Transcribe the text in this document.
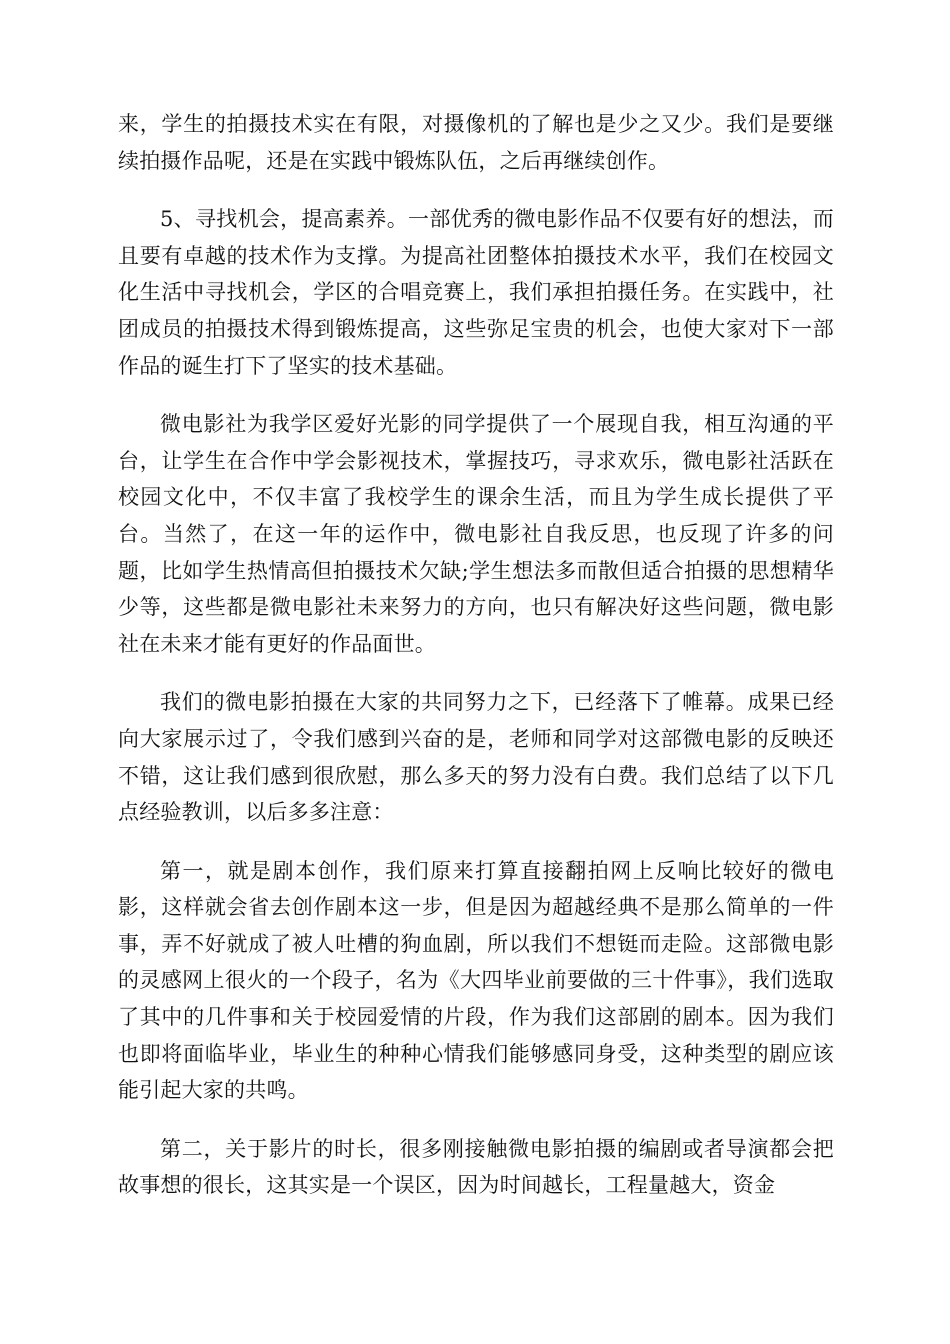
来，学生的拍摄技术实在有限，对摄像机的了解也是少之又少。我们是要继续拍摄作品呢，还是在实践中锻炼队伍，之后再继续创作。

5、寻找机会，提高素养。一部优秀的微电影作品不仅要有好的想法，而且要有卓越的技术作为支撑。为提高社团整体拍摄技术水平，我们在校园文化生活中寻找机会，学区的合唱竞赛上，我们承担拍摄任务。在实践中，社团成员的拍摄技术得到锻炼提高，这些弥足宝贵的机会，也使大家对下一部作品的诞生打下了坚实的技术基础。

微电影社为我学区爱好光影的同学提供了一个展现自我，相互沟通的平台，让学生在合作中学会影视技术，掌握技巧，寻求欢乐，微电影社活跃在校园文化中，不仅丰富了我校学生的课余生活，而且为学生成长提供了平台。当然了，在这一年的运作中，微电影社自我反思，也反现了许多的问题，比如学生热情高但拍摄技术欠缺;学生想法多而散但适合拍摄的思想精华少等，这些都是微电影社未来努力的方向，也只有解决好这些问题，微电影社在未来才能有更好的作品面世。

我们的微电影拍摄在大家的共同努力之下，已经落下了帷幕。成果已经向大家展示过了，令我们感到兴奋的是，老师和同学对这部微电影的反映还不错，这让我们感到很欣慰，那么多天的努力没有白费。我们总结了以下几点经验教训，以后多多注意：

第一，就是剧本创作，我们原来打算直接翻拍网上反响比较好的微电影，这样就会省去创作剧本这一步，但是因为超越经典不是那么简单的一件事，弄不好就成了被人吐槽的狗血剧，所以我们不想铤而走险。这部微电影的灵感网上很火的一个段子，名为《大四毕业前要做的三十件事》，我们选取了其中的几件事和关于校园爱情的片段，作为我们这部剧的剧本。因为我们也即将面临毕业，毕业生的种种心情我们能够感同身受，这种类型的剧应该能引起大家的共鸣。

第二，关于影片的时长，很多刚接触微电影拍摄的编剧或者导演都会把故事想的很长，这其实是一个误区，因为时间越长，工程量越大，资金
